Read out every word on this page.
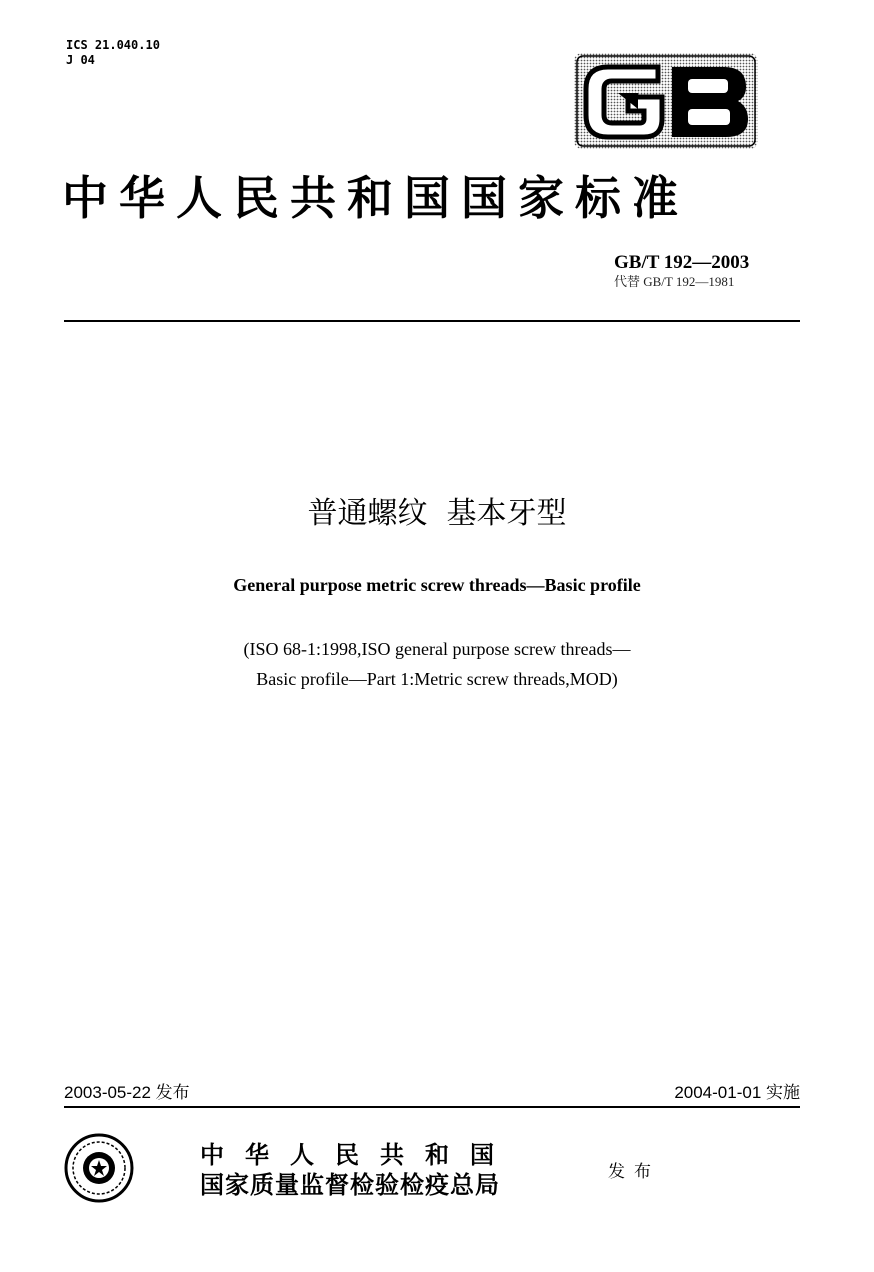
ICS 21.040.10
J 04	GB
中华人民共和国国家标准
GB/T 192—2003
代替 GB/T 192—1981
普通螺纹  基本牙型
General purpose metric screw threads—Basic profile
(ISO 68-1:1998,ISO general purpose screw threads—
Basic profile—Part 1:Metric screw threads,MOD)
2003-05-22 发布	2004-01-01 实施
中华人民共和国
中华人民共和国
国家质量监督检验检疫总局	发布
